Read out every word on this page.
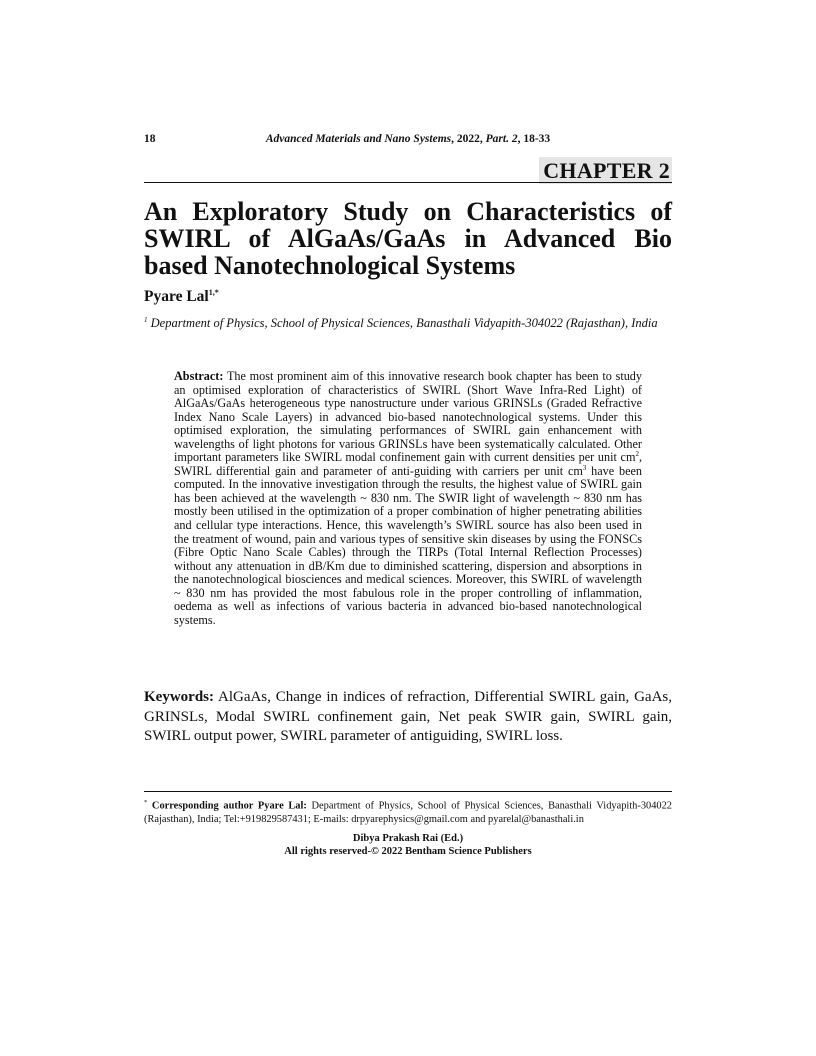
18	Advanced Materials and Nano Systems, 2022, Part. 2, 18-33
CHAPTER 2
An Exploratory Study on Characteristics of SWIRL of AlGaAs/GaAs in Advanced Bio based Nanotechnological Systems
Pyare Lal$^{1,*}$
$^1$ Department of Physics, School of Physical Sciences, Banasthali Vidyapith-304022 (Rajasthan), India
Abstract: The most prominent aim of this innovative research book chapter has been to study an optimised exploration of characteristics of SWIRL (Short Wave Infra-Red Light) of AlGaAs/GaAs heterogeneous type nanostructure under various GRINSLs (Graded Refractive Index Nano Scale Layers) in advanced bio-based nanotechnological systems. Under this optimised exploration, the simulating performances of SWIRL gain enhancement with wavelengths of light photons for various GRINSLs have been systematically calculated. Other important parameters like SWIRL modal confinement gain with current densities per unit $cm^2$, SWIRL differential gain and parameter of anti-guiding with carriers per unit $cm^3$ have been computed. In the innovative investigation through the results, the highest value of SWIRL gain has been achieved at the wavelength ~ 830 nm. The SWIR light of wavelength ~ 830 nm has mostly been utilised in the optimization of a proper combination of higher penetrating abilities and cellular type interactions. Hence, this wavelength’s SWIRL source has also been used in the treatment of wound, pain and various types of sensitive skin diseases by using the FONSCs (Fibre Optic Nano Scale Cables) through the TIRPs (Total Internal Reflection Processes) without any attenuation in dB/Km due to diminished scattering, dispersion and absorptions in the nanotechnological biosciences and medical sciences. Moreover, this SWIRL of wavelength ~ 830 nm has provided the most fabulous role in the proper controlling of inflammation, oedema as well as infections of various bacteria in advanced bio-based nanotechnological systems.
Keywords: AlGaAs, Change in indices of refraction, Differential SWIRL gain, GaAs, GRINSLs, Modal SWIRL confinement gain, Net peak SWIR gain, SWIRL gain, SWIRL output power, SWIRL parameter of antiguiding, SWIRL loss.
* Corresponding author Pyare Lal: Department of Physics, School of Physical Sciences, Banasthali Vidyapith-304022 (Rajasthan), India; Tel:+919829587431; E-mails: drpyarephysics@gmail.com and pyarelal@banasthali.in
Dibya Prakash Rai (Ed.)
All rights reserved-© 2022 Bentham Science Publishers
